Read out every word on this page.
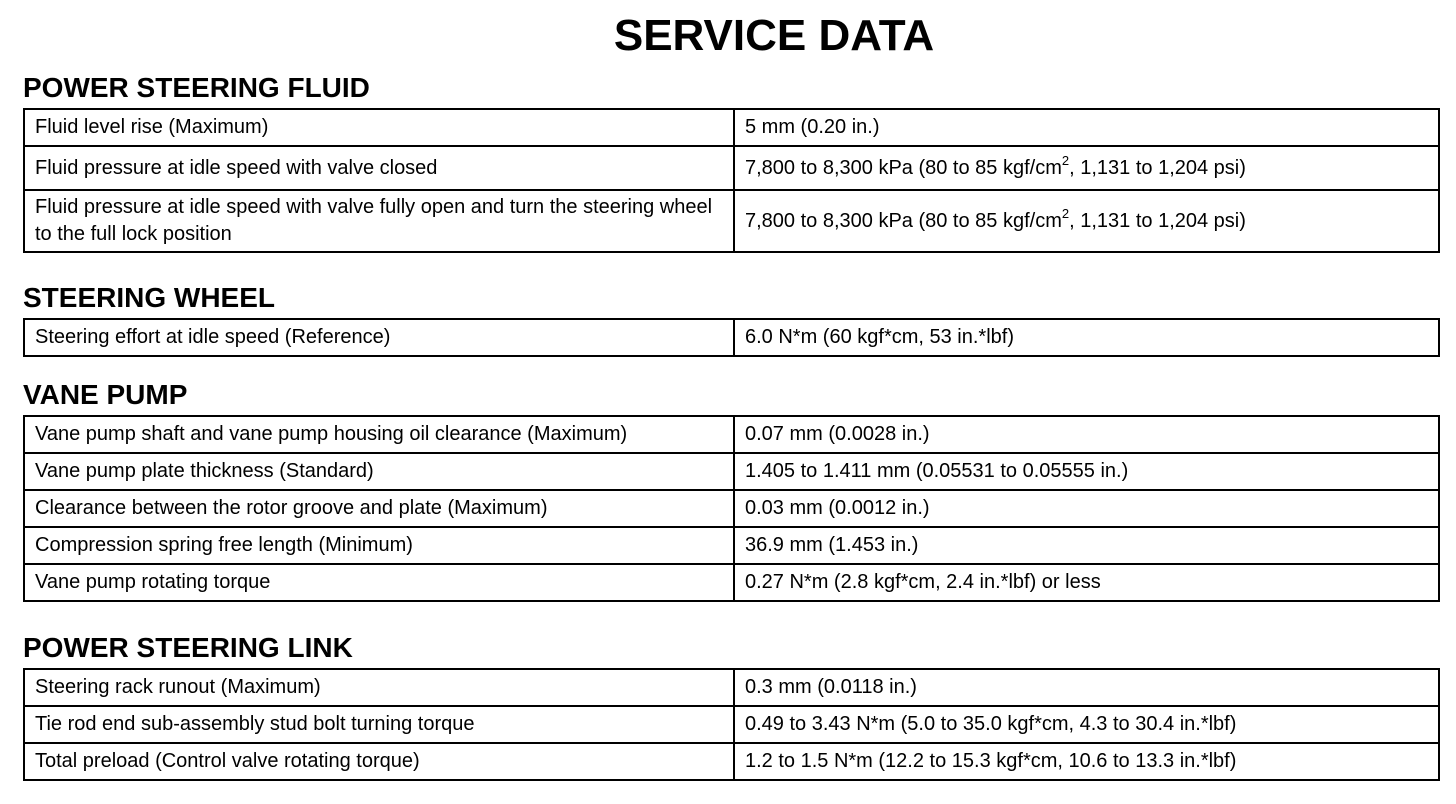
SERVICE DATA
POWER STEERING FLUID
Fluid level rise (Maximum)	5 mm (0.20 in.)
Fluid pressure at idle speed with valve closed	7,800 to 8,300 kPa (80 to 85 kgf/$cm^2$, 1,131 to 1,204 psi)
Fluid pressure at idle speed with valve fully open and turn the steering wheel to the full lock position	7,800 to 8,300 kPa (80 to 85 kgf/$cm^2$, 1,131 to 1,204 psi)
STEERING WHEEL
Steering effort at idle speed (Reference)	6.0 N*m (60 kgf*cm, 53 in.*lbf)
VANE PUMP
Vane pump shaft and vane pump housing oil clearance (Maximum)	0.07 mm (0.0028 in.)
Vane pump plate thickness (Standard)	1.405 to 1.411 mm (0.05531 to 0.05555 in.)
Clearance between the rotor groove and plate (Maximum)	0.03 mm (0.0012 in.)
Compression spring free length (Minimum)	36.9 mm (1.453 in.)
Vane pump rotating torque	0.27 N*m (2.8 kgf*cm, 2.4 in.*lbf) or less
POWER STEERING LINK
Steering rack runout (Maximum)	0.3 mm (0.0118 in.)
Tie rod end sub-assembly stud bolt turning torque	0.49 to 3.43 N*m (5.0 to 35.0 kgf*cm, 4.3 to 30.4 in.*lbf)
Total preload (Control valve rotating torque)	1.2 to 1.5 N*m (12.2 to 15.3 kgf*cm, 10.6 to 13.3 in.*lbf)
